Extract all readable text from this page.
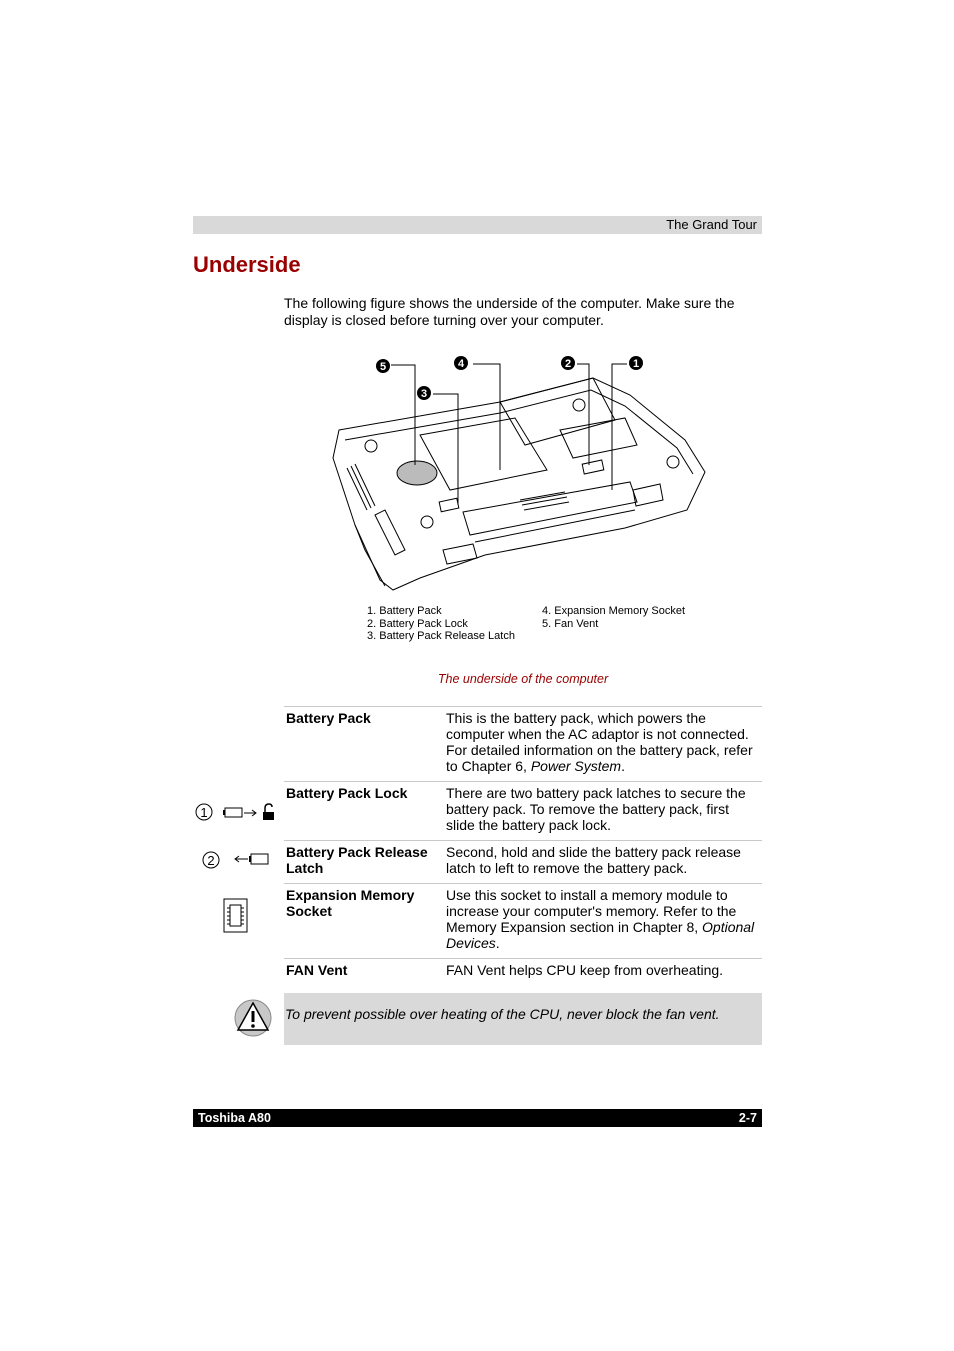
The Grand Tour
Underside

The following figure shows the underside of the computer. Make sure the display is closed before turning over your computer.

5	4
3
2	1
1. Battery Pack
2. Battery Pack Lock
3. Battery Pack Release Latch
4. Expansion Memory Socket
5. Fan Vent
The underside of the computer
Battery Pack	This is the battery pack, which powers the computer when the AC adaptor is not connected. For detailed information on the battery pack, refer to Chapter 6, Power System.
Battery Pack Lock	There are two battery pack latches to secure the battery pack. To remove the battery pack, first slide the battery pack lock.
Battery Pack Release Latch	Second, hold and slide the battery pack release latch to left to remove the battery pack.
Expansion Memory Socket	Use this socket to install a memory module to increase your computer's memory. Refer to the Memory Expansion section in Chapter 8, Optional Devices.
FAN Vent	FAN Vent helps CPU keep from overheating.
1
2
To prevent possible over heating of the CPU, never block the fan vent.
Toshiba A80	2-7
